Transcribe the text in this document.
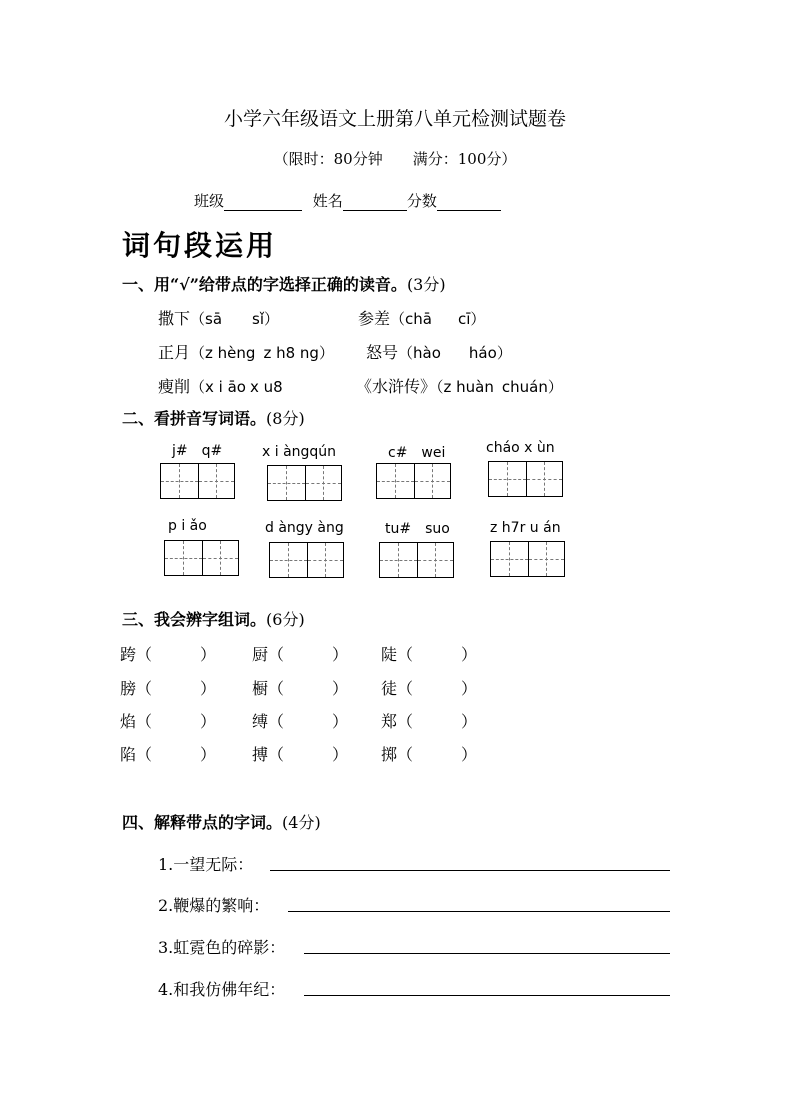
小学六年级语文上册第八单元检测试题卷
（限时：80分钟　　满分：100分）
班级	姓名	分数
词句段运用
一、用“√”给带点的字选择正确的读音。(3分)
撒下（sā sǐ）	参差（chā cī）
正月（z hèng z h8 ng） 怒号（hào háo）
瘦削（x i āo x u8	《水浒传》（z huàn chuán）
二、看拼音写词语。(8分)
j#　q#	x i àngqún	c#　wei	cháo x ùn
p i ǎo	d àngy àng	tu#　suo	z h7r u án
三、我会辨字组词。(6分)
跨（　　　） 厨（　　　） 陡（　　　）
膀（　　　） 橱（　　　） 徒（　　　）
焰（　　　） 缚（　　　） 郑（　　　）
陷（　　　） 搏（　　　） 掷（　　　）
四、解释带点的字词。(4分)
1.一望无际：
2.鞭爆的繁响：
3.虹霓色的碎影：
4.和我仿佛年纪：
